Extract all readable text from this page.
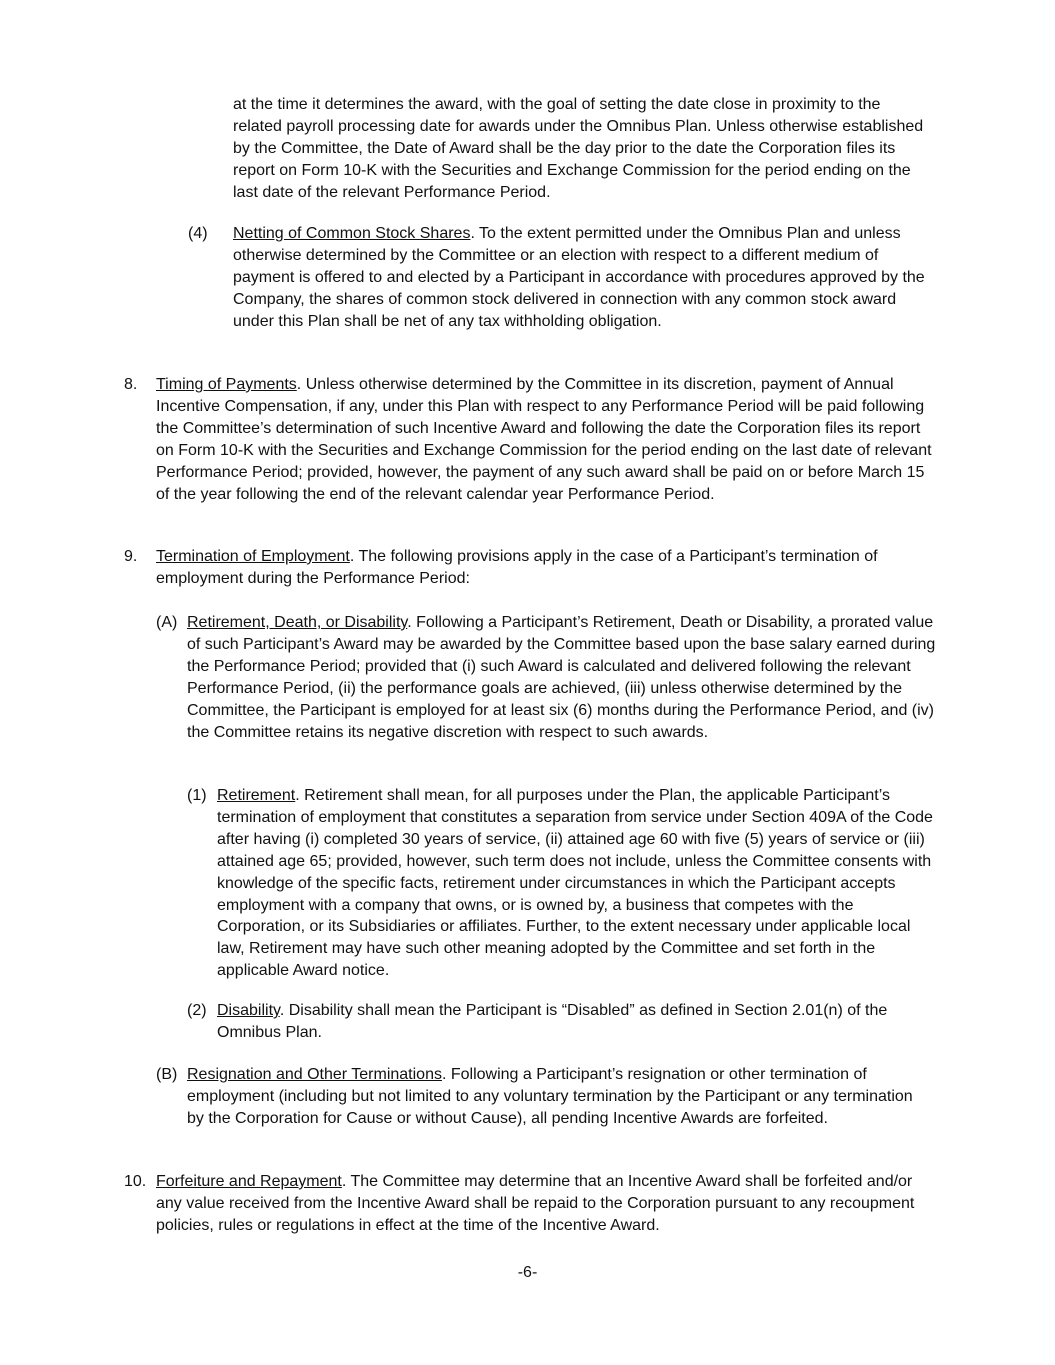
at the time it determines the award, with the goal of setting the date close in proximity to the related payroll processing date for awards under the Omnibus Plan. Unless otherwise established by the Committee, the Date of Award shall be the day prior to the date the Corporation files its report on Form 10-K with the Securities and Exchange Commission for the period ending on the last date of the relevant Performance Period.

(4) Netting of Common Stock Shares. To the extent permitted under the Omnibus Plan and unless otherwise determined by the Committee or an election with respect to a different medium of payment is offered to and elected by a Participant in accordance with procedures approved by the Company, the shares of common stock delivered in connection with any common stock award under this Plan shall be net of any tax withholding obligation.

8. Timing of Payments. Unless otherwise determined by the Committee in its discretion, payment of Annual Incentive Compensation, if any, under this Plan with respect to any Performance Period will be paid following the Committee’s determination of such Incentive Award and following the date the Corporation files its report on Form 10-K with the Securities and Exchange Commission for the period ending on the last date of relevant Performance Period; provided, however, the payment of any such award shall be paid on or before March 15 of the year following the end of the relevant calendar year Performance Period.

9. Termination of Employment. The following provisions apply in the case of a Participant’s termination of employment during the Performance Period:

(A) Retirement, Death, or Disability. Following a Participant’s Retirement, Death or Disability, a prorated value of such Participant’s Award may be awarded by the Committee based upon the base salary earned during the Performance Period; provided that (i) such Award is calculated and delivered following the relevant Performance Period, (ii) the performance goals are achieved, (iii) unless otherwise determined by the Committee, the Participant is employed for at least six (6) months during the Performance Period, and (iv) the Committee retains its negative discretion with respect to such awards.

(1) Retirement. Retirement shall mean, for all purposes under the Plan, the applicable Participant’s termination of employment that constitutes a separation from service under Section 409A of the Code after having (i) completed 30 years of service, (ii) attained age 60 with five (5) years of service or (iii) attained age 65; provided, however, such term does not include, unless the Committee consents with knowledge of the specific facts, retirement under circumstances in which the Participant accepts employment with a company that owns, or is owned by, a business that competes with the Corporation, or its Subsidiaries or affiliates. Further, to the extent necessary under applicable local law, Retirement may have such other meaning adopted by the Committee and set forth in the applicable Award notice.

(2) Disability. Disability shall mean the Participant is “Disabled” as defined in Section 2.01(n) of the Omnibus Plan.

(B) Resignation and Other Terminations. Following a Participant’s resignation or other termination of employment (including but not limited to any voluntary termination by the Participant or any termination by the Corporation for Cause or without Cause), all pending Incentive Awards are forfeited.

10. Forfeiture and Repayment. The Committee may determine that an Incentive Award shall be forfeited and/or any value received from the Incentive Award shall be repaid to the Corporation pursuant to any recoupment policies, rules or regulations in effect at the time of the Incentive Award.

-6-
